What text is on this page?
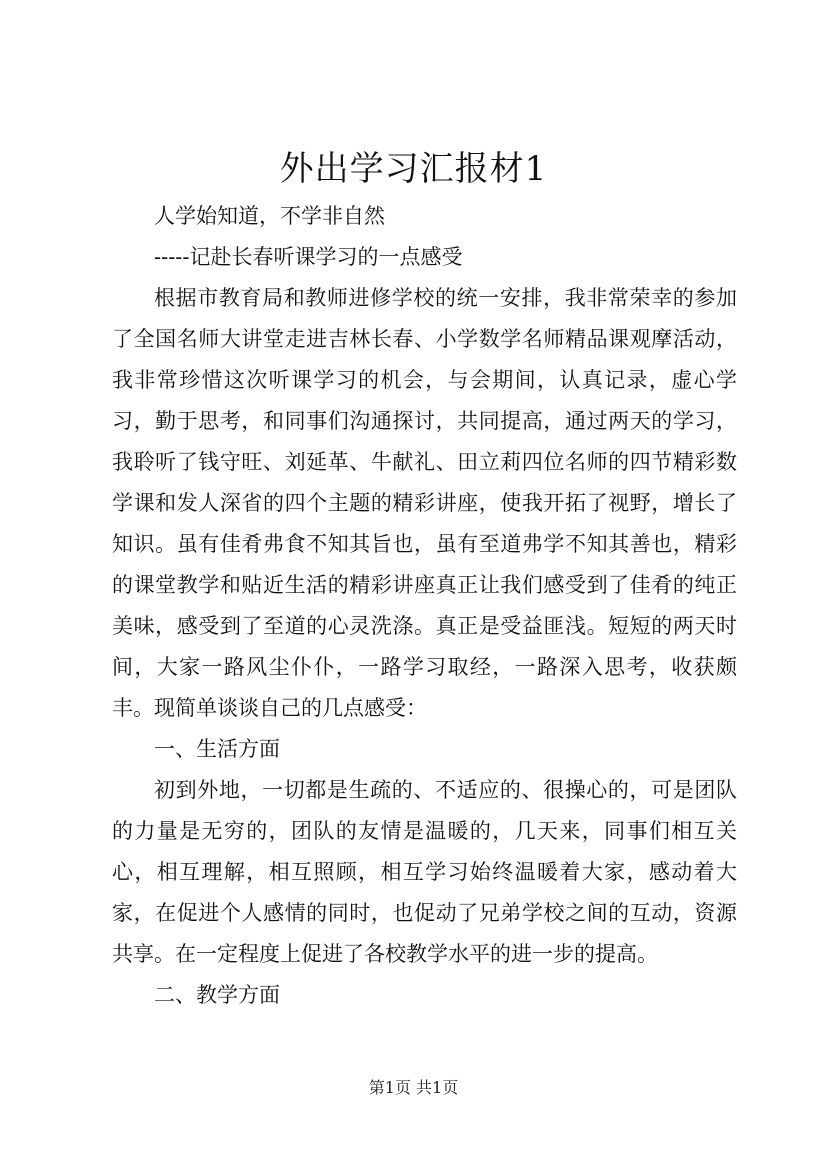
外出学习汇报材1

人学始知道，不学非自然

-----记赴长春听课学习的一点感受

根据市教育局和教师进修学校的统一安排，我非常荣幸的参加了全国名师大讲堂走进吉林长春、小学数学名师精品课观摩活动，我非常珍惜这次听课学习的机会，与会期间，认真记录，虚心学习，勤于思考，和同事们沟通探讨，共同提高，通过两天的学习，我聆听了钱守旺、刘延革、牛献礼、田立莉四位名师的四节精彩数学课和发人深省的四个主题的精彩讲座，使我开拓了视野，增长了知识。虽有佳肴弗食不知其旨也，虽有至道弗学不知其善也，精彩的课堂教学和贴近生活的精彩讲座真正让我们感受到了佳肴的纯正美味，感受到了至道的心灵洗涤。真正是受益匪浅。短短的两天时间，大家一路风尘仆仆，一路学习取经，一路深入思考，收获颇丰。现简单谈谈自己的几点感受：

一、生活方面

初到外地，一切都是生疏的、不适应的、很操心的，可是团队的力量是无穷的，团队的友情是温暖的，几天来，同事们相互关心，相互理解，相互照顾，相互学习始终温暖着大家，感动着大家，在促进个人感情的同时，也促动了兄弟学校之间的互动，资源共享。在一定程度上促进了各校教学水平的进一步的提高。

二、教学方面

第1页 共1页
